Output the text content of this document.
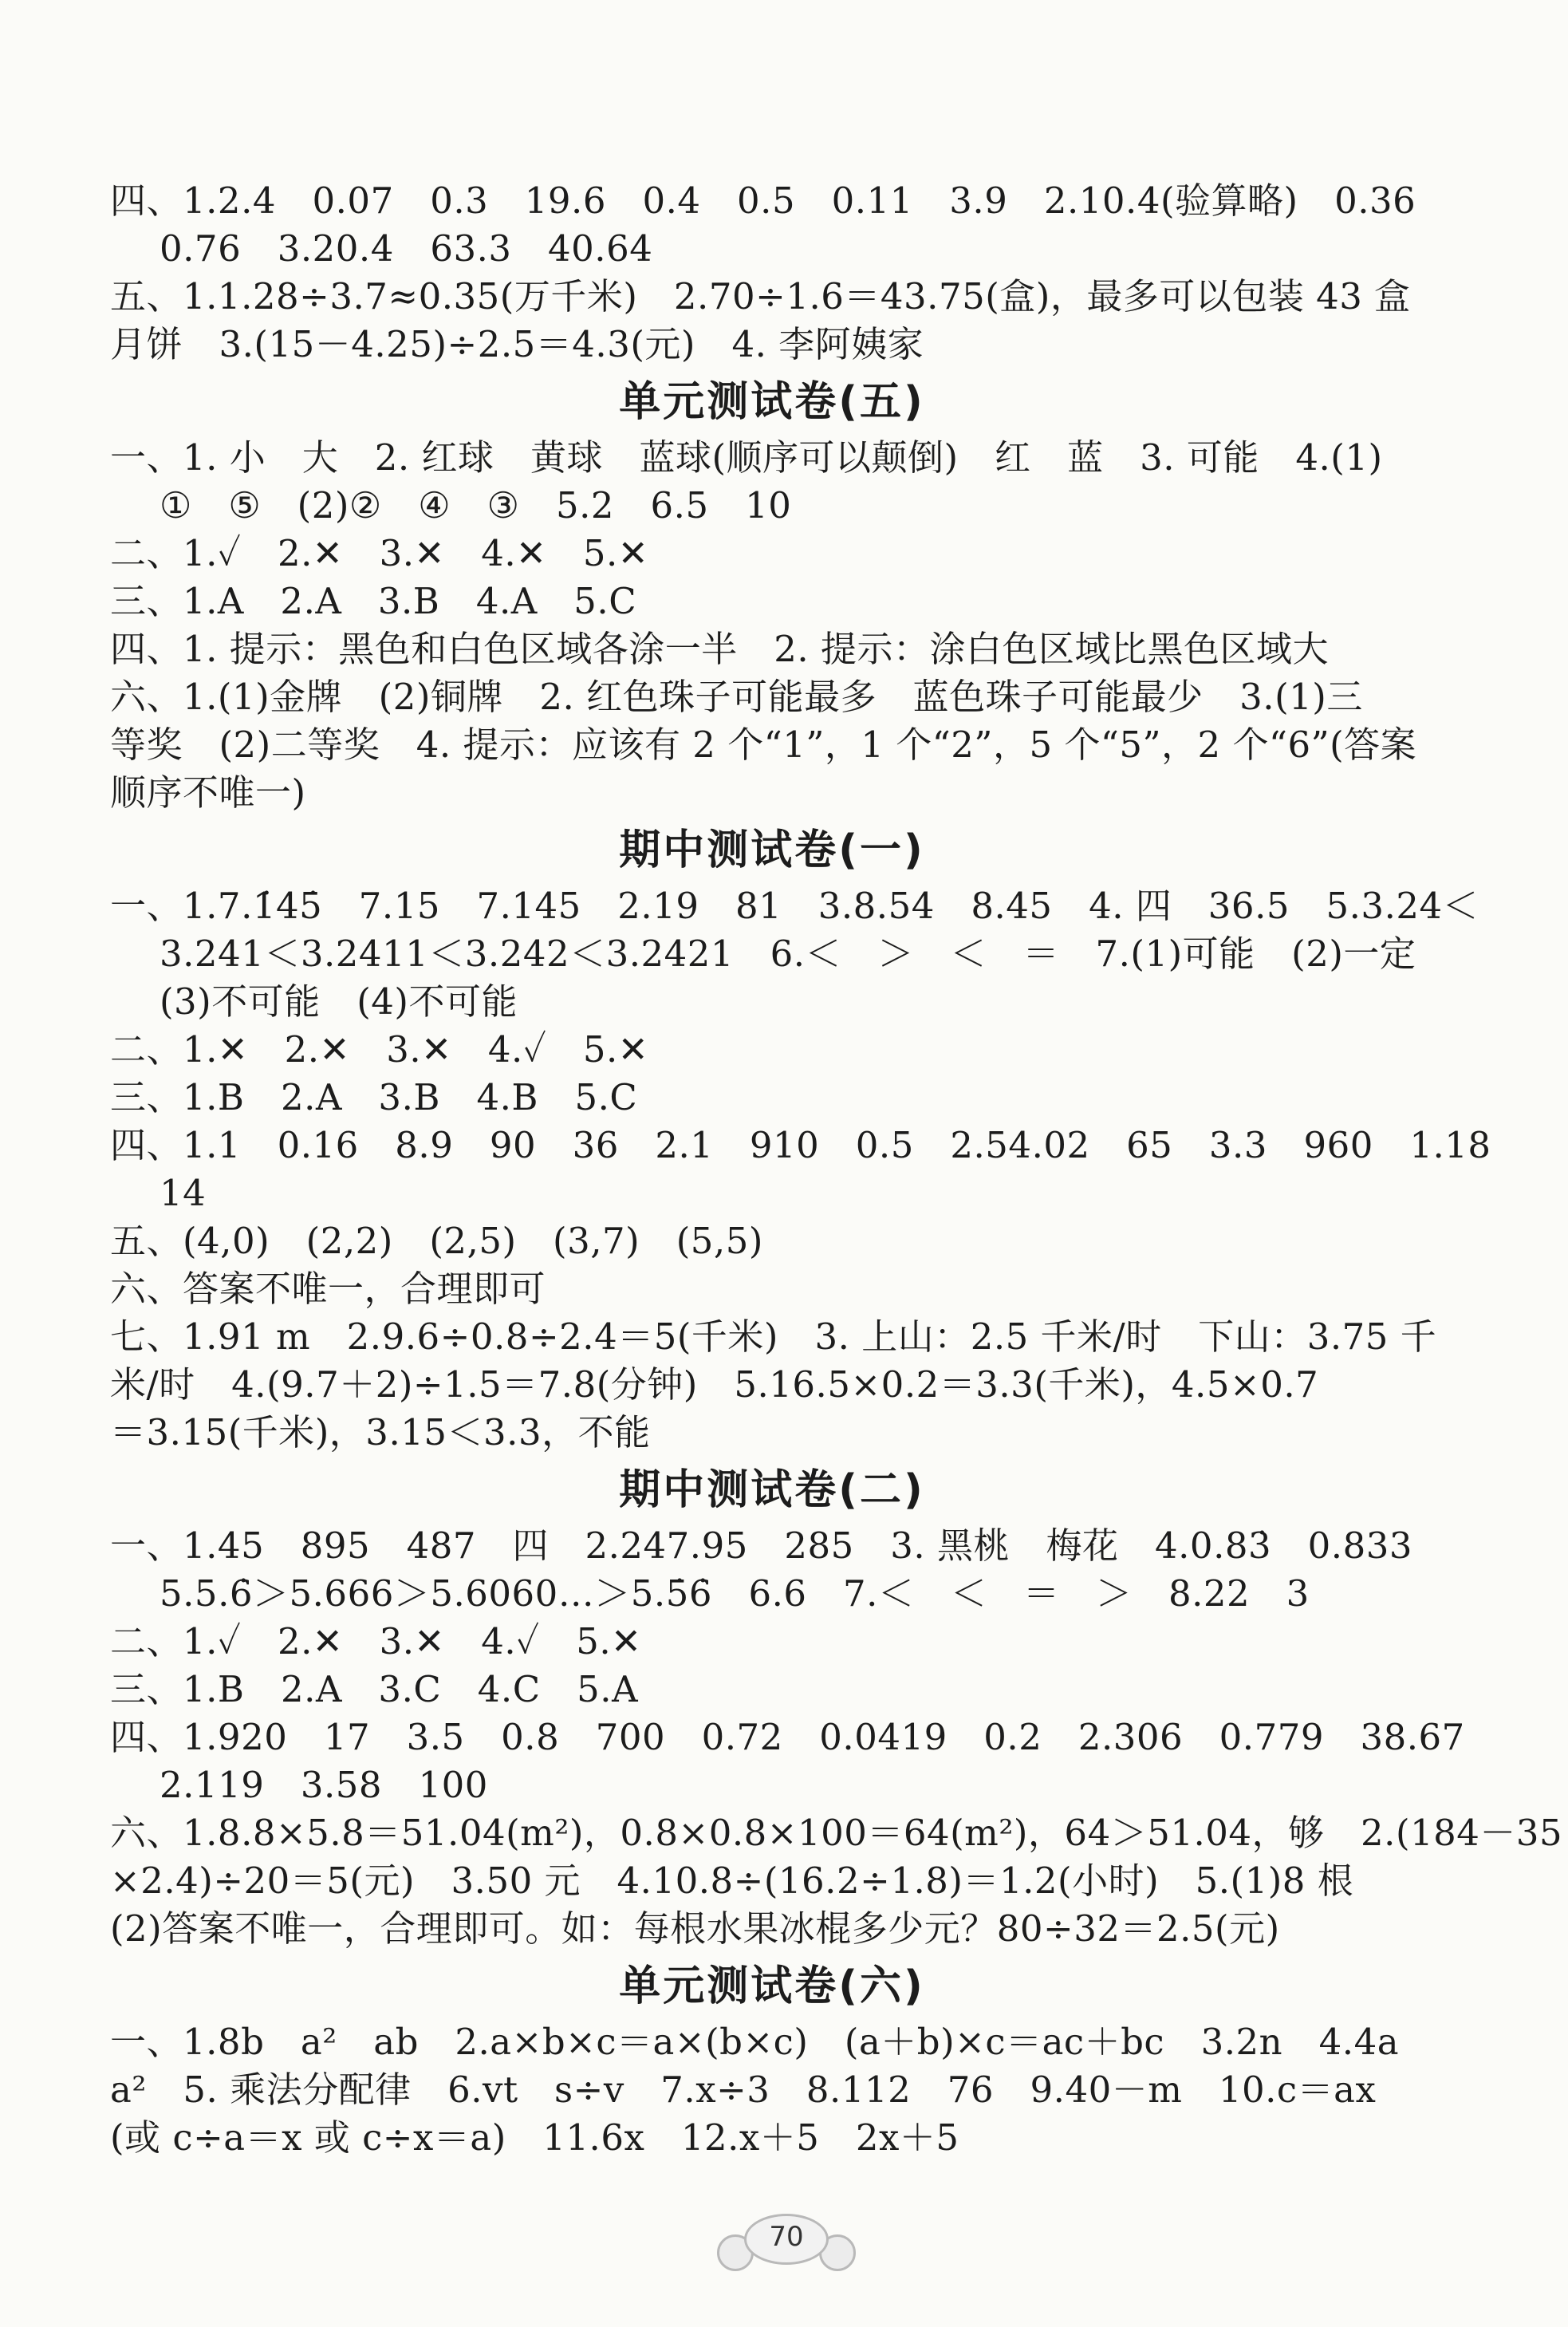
四、1.2.4　0.07　0.3　19.6　0.4　0.5　0.11　3.9　2.10.4(验算略)　0.36
0.76　3.20.4　63.3　40.64
五、1.1.28÷3.7≈0.35(万千米)　2.70÷1.6＝43.75(盒)，最多可以包装 43 盒
月饼　3.(15－4.25)÷2.5＝4.3(元)　4. 李阿姨家
单元测试卷(五)
一、1. 小　大　2. 红球　黄球　蓝球(顺序可以颠倒)　红　蓝　3. 可能　4.(1)
①　⑤　(2)②　④　③　5.2　6.5　10
二、1.✓　2.✕　3.✕　4.✕　5.✕
三、1.A　2.A　3.B　4.A　5.C
四、1. 提示：黑色和白色区域各涂一半　2. 提示：涂白色区域比黑色区域大
六、1.(1)金牌　(2)铜牌　2. 红色珠子可能最多　蓝色珠子可能最少　3.(1)三
等奖　(2)二等奖　4. 提示：应该有 2 个“1”，1 个“2”，5 个“5”，2 个“6”(答案
顺序不唯一)
期中测试卷(一)
一、1.7.1̇45̇　7.15　7.145　2.19　81　3.8.54　8.45　4. 四　36.5　5.3.24＜
3.241＜3.2411＜3.242＜3.2421　6.＜　＞　＜　＝　7.(1)可能　(2)一定
(3)不可能　(4)不可能
二、1.✕　2.✕　3.✕　4.✓　5.✕
三、1.B　2.A　3.B　4.B　5.C
四、1.1　0.16　8.9　90　36　2.1　910　0.5　2.54.02　65　3.3　960　1.18
14
五、(4,0)　(2,2)　(2,5)　(3,7)　(5,5)
六、答案不唯一，合理即可
七、1.91 m　2.9.6÷0.8÷2.4＝5(千米)　3. 上山：2.5 千米/时　下山：3.75 千
米/时　4.(9.7＋2)÷1.5＝7.8(分钟)　5.16.5×0.2＝3.3(千米)，4.5×0.7
＝3.15(千米)，3.15＜3.3，不能
期中测试卷(二)
一、1.45　895　487　四　2.247.95　285　3. 黑桃　梅花　4.0.83̇　0.833
5.5.6̇＞5.666＞5.6060…＞5.5̇6̇　6.6　7.＜　＜　＝　＞　8.22　3
二、1.✓　2.✕　3.✕　4.✓　5.✕
三、1.B　2.A　3.C　4.C　5.A
四、1.920　17　3.5　0.8　700　0.72　0.0419　0.2　2.306　0.779　38.67
2.119　3.58　100
六、1.8.8×5.8＝51.04(m²)，0.8×0.8×100＝64(m²)，64＞51.04，够　2.(184－35
×2.4)÷20＝5(元)　3.50 元　4.10.8÷(16.2÷1.8)＝1.2(小时)　5.(1)8 根
(2)答案不唯一，合理即可。如：每根水果冰棍多少元？80÷32＝2.5(元)
单元测试卷(六)
一、1.8b　a²　ab　2.a×b×c＝a×(b×c)　(a＋b)×c＝ac＋bc　3.2n　4.4a
a²　5. 乘法分配律　6.vt　s÷v　7.x÷3　8.112　76　9.40－m　10.c＝ax
(或 c÷a＝x 或 c÷x＝a)　11.6x　12.x＋5　2x＋5
70
